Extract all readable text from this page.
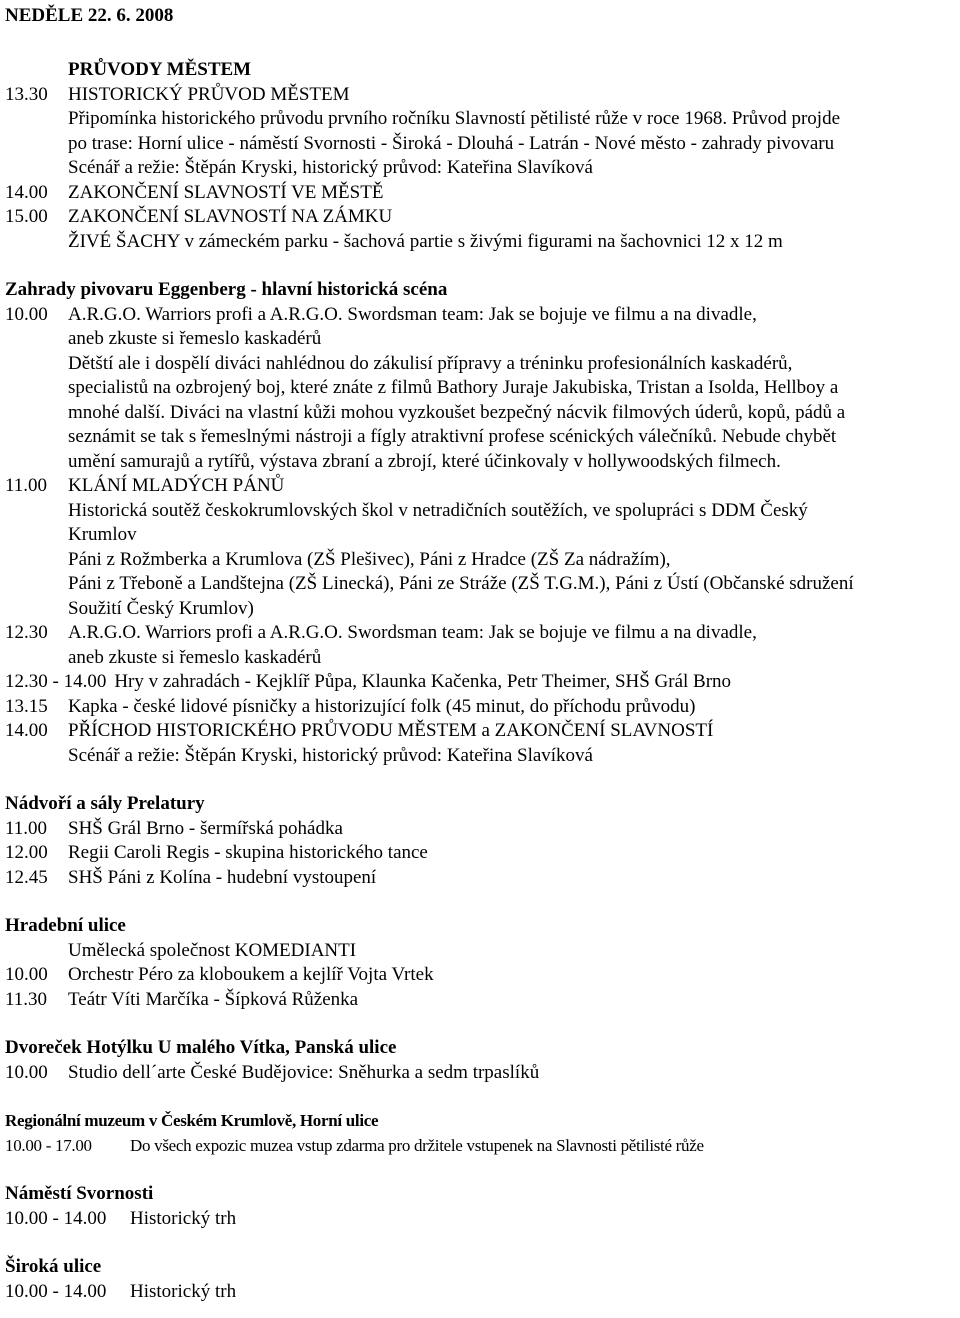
NEDĚLE 22. 6. 2008
PRŮVODY MĚSTEM
13.30	HISTORICKÝ PRŮVOD MĚSTEM
Připomínka historického průvodu prvního ročníku Slavností pětilisté růže v roce 1968. Průvod projde
po trase: Horní ulice - náměstí Svornosti - Široká - Dlouhá - Latrán - Nové město - zahrady pivovaru
Scénář a režie: Štěpán Kryski, historický průvod: Kateřina Slavíková
14.00	ZAKONČENÍ SLAVNOSTÍ VE MĚSTĚ
15.00	ZAKONČENÍ SLAVNOSTÍ NA ZÁMKU
ŽIVÉ ŠACHY v zámeckém parku - šachová partie s živými figurami na šachovnici 12 x 12 m
Zahrady pivovaru Eggenberg - hlavní historická scéna
10.00	A.R.G.O. Warriors profi a A.R.G.O. Swordsman team: Jak se bojuje ve filmu a na divadle,
aneb zkuste si řemeslo kaskadérů
Dětští ale i dospělí diváci nahlédnou do zákulisí přípravy a tréninku profesionálních kaskadérů,
specialistů na ozbrojený boj, které znáte z filmů Bathory Juraje Jakubiska, Tristan a Isolda, Hellboy a
mnohé další. Diváci na vlastní kůži mohou vyzkoušet bezpečný nácvik filmových úderů, kopů, pádů a
seznámit se tak s řemeslnými nástroji a fígly atraktivní profese scénických válečníků. Nebude chybět
umění samurajů a rytířů, výstava zbraní a zbrojí, které účinkovaly v hollywoodských filmech.
11.00	KLÁNÍ MLADÝCH PÁNŮ
Historická soutěž českokrumlovských škol v netradičních soutěžích, ve spolupráci s DDM Český
Krumlov
Páni z Rožmberka a Krumlova (ZŠ Plešivec), Páni z Hradce (ZŠ Za nádražím),
Páni z Třeboně a Landštejna (ZŠ Linecká), Páni ze Stráže (ZŠ T.G.M.), Páni z Ústí (Občanské sdružení
Soužití Český Krumlov)
12.30	A.R.G.O. Warriors profi a A.R.G.O. Swordsman team: Jak se bojuje ve filmu a na divadle,
aneb zkuste si řemeslo kaskadérů
12.30 - 14.00 Hry v zahradách - Kejklíř Půpa, Klaunka Kačenka, Petr Theimer, SHŠ Grál Brno
13.15	Kapka - české lidové písničky a historizující folk (45 minut, do příchodu průvodu)
14.00	PŘÍCHOD HISTORICKÉHO PRŮVODU MĚSTEM a ZAKONČENÍ SLAVNOSTÍ
Scénář a režie: Štěpán Kryski, historický průvod: Kateřina Slavíková
Nádvoří a sály Prelatury
11.00	SHŠ Grál Brno - šermířská pohádka
12.00	Regii Caroli Regis - skupina historického tance
12.45	SHŠ Páni z Kolína - hudební vystoupení
Hradební ulice
Umělecká společnost KOMEDIANTI
10.00	Orchestr Péro za kloboukem a kejlíř Vojta Vrtek
11.30	Teátr Víti Marčíka - Šípková Růženka
Dvoreček Hotýlku U malého Vítka, Panská ulice
10.00	Studio dell´arte České Budějovice: Sněhurka a sedm trpaslíků
Regionální muzeum v Českém Krumlově, Horní ulice
10.00 - 17.00	Do všech expozic muzea vstup zdarma pro držitele vstupenek na Slavnosti pětilisté růže
Náměstí Svornosti
10.00 - 14.00	Historický trh
Široká ulice
10.00 - 14.00	Historický trh
